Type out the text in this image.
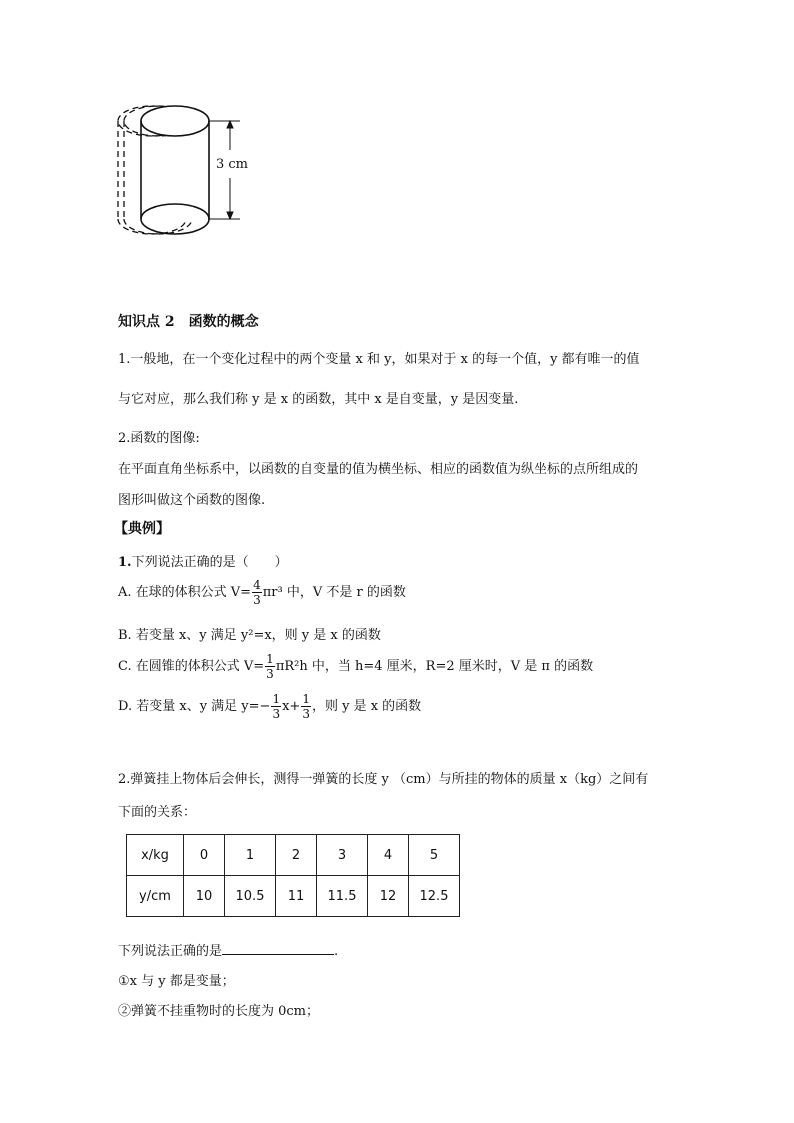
3 cm
知识点 2　函数的概念
1.一般地，在一个变化过程中的两个变量 x 和 y，如果对于 x 的每一个值，y 都有唯一的值
与它对应，那么我们称 y 是 x 的函数，其中 x 是自变量，y 是因变量.
2.函数的图像:
在平面直角坐标系中，以函数的自变量的值为横坐标、相应的函数值为纵坐标的点所组成的
图形叫做这个函数的图像.
【典例】
1.下列说法正确的是（　　）
A. 在球的体积公式 $V= \frac{4}{3} \pi r^3$ 中，V 不是 r 的函数
B. 若变量 x、y 满足 y²=x，则 y 是 x 的函数
C. 在圆锥的体积公式 $V= \frac{1}{3} \pi R^2h$ 中，当 h=4 厘米，R=2 厘米时，V 是 π 的函数
D. 若变量 x、y 满足 $y=- \frac{1}{3} x+ \frac{1}{3}$ ，则 y 是 x 的函数
2.弹簧挂上物体后会伸长，测得一弹簧的长度 y （cm）与所挂的物体的质量 x（kg）之间有
下面的关系：
x/kg	0	1	2	3	4	5
y/cm	10	10.5	11	11.5	12	12.5
下列说法正确的是	.
①x 与 y 都是变量；
②弹簧不挂重物时的长度为 0cm；
